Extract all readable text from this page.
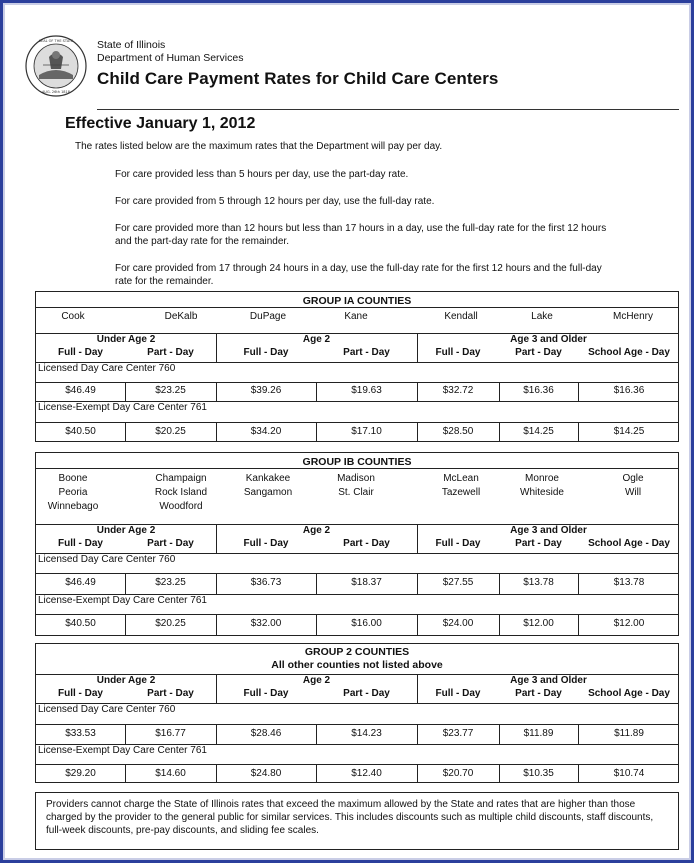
SEAL OF THE STATE
AUG. 26th 1818
State of Illinois
Department of Human Services
Child Care Payment Rates for Child Care Centers
Effective January 1, 2012
The rates listed below are the maximum rates that the Department will pay per day.
For care provided less than 5 hours per day, use the part-day rate.
For care provided from 5 through 12 hours per day, use the full-day rate.
For care provided more than 12 hours but less than 17 hours in a day, use the full-day rate for the first 12 hours and the part-day rate for the remainder.
For care provided from 17 through 24 hours in a day, use the full-day rate for the first 12 hours and the full-day rate for the remainder.
GROUP IA COUNTIES
Cook	DeKalb	DuPage	Kane	Kendall	Lake	McHenry
Under Age 2	Age 2	Age 3 and Older
Full - Day	Part - Day	Full - Day	Part - Day	Full - Day	Part - Day	School Age - Day
Licensed Day Care Center 760
$46.49	$23.25	$39.26	$19.63	$32.72	$16.36	$16.36
License-Exempt Day Care Center 761
$40.50	$20.25	$34.20	$17.10	$28.50	$14.25	$14.25
GROUP IB COUNTIES
Boone	Champaign	Kankakee	Madison	McLean	Monroe	Ogle
Peoria	Rock Island	Sangamon	St. Clair	Tazewell	Whiteside	Will
Winnebago	Woodford
Under Age 2	Age 2	Age 3 and Older
Full - Day	Part - Day	Full - Day	Part - Day	Full - Day	Part - Day	School Age - Day
Licensed Day Care Center 760
$46.49	$23.25	$36.73	$18.37	$27.55	$13.78	$13.78
License-Exempt Day Care Center 761
$40.50	$20.25	$32.00	$16.00	$24.00	$12.00	$12.00
GROUP 2 COUNTIES
All other counties not listed above
Under Age 2	Age 2	Age 3 and Older
Full - Day	Part - Day	Full - Day	Part - Day	Full - Day	Part - Day	School Age - Day
Licensed Day Care Center 760
$33.53	$16.77	$28.46	$14.23	$23.77	$11.89	$11.89
License-Exempt Day Care Center 761
$29.20	$14.60	$24.80	$12.40	$20.70	$10.35	$10.74
Providers cannot charge the State of Illinois rates that exceed the maximum allowed by the State and rates that are higher than those charged by the provider to the general public for similar services. This includes discounts such as multiple child discounts, staff discounts, full-week discounts, pre-pay discounts, and sliding fee scales.
